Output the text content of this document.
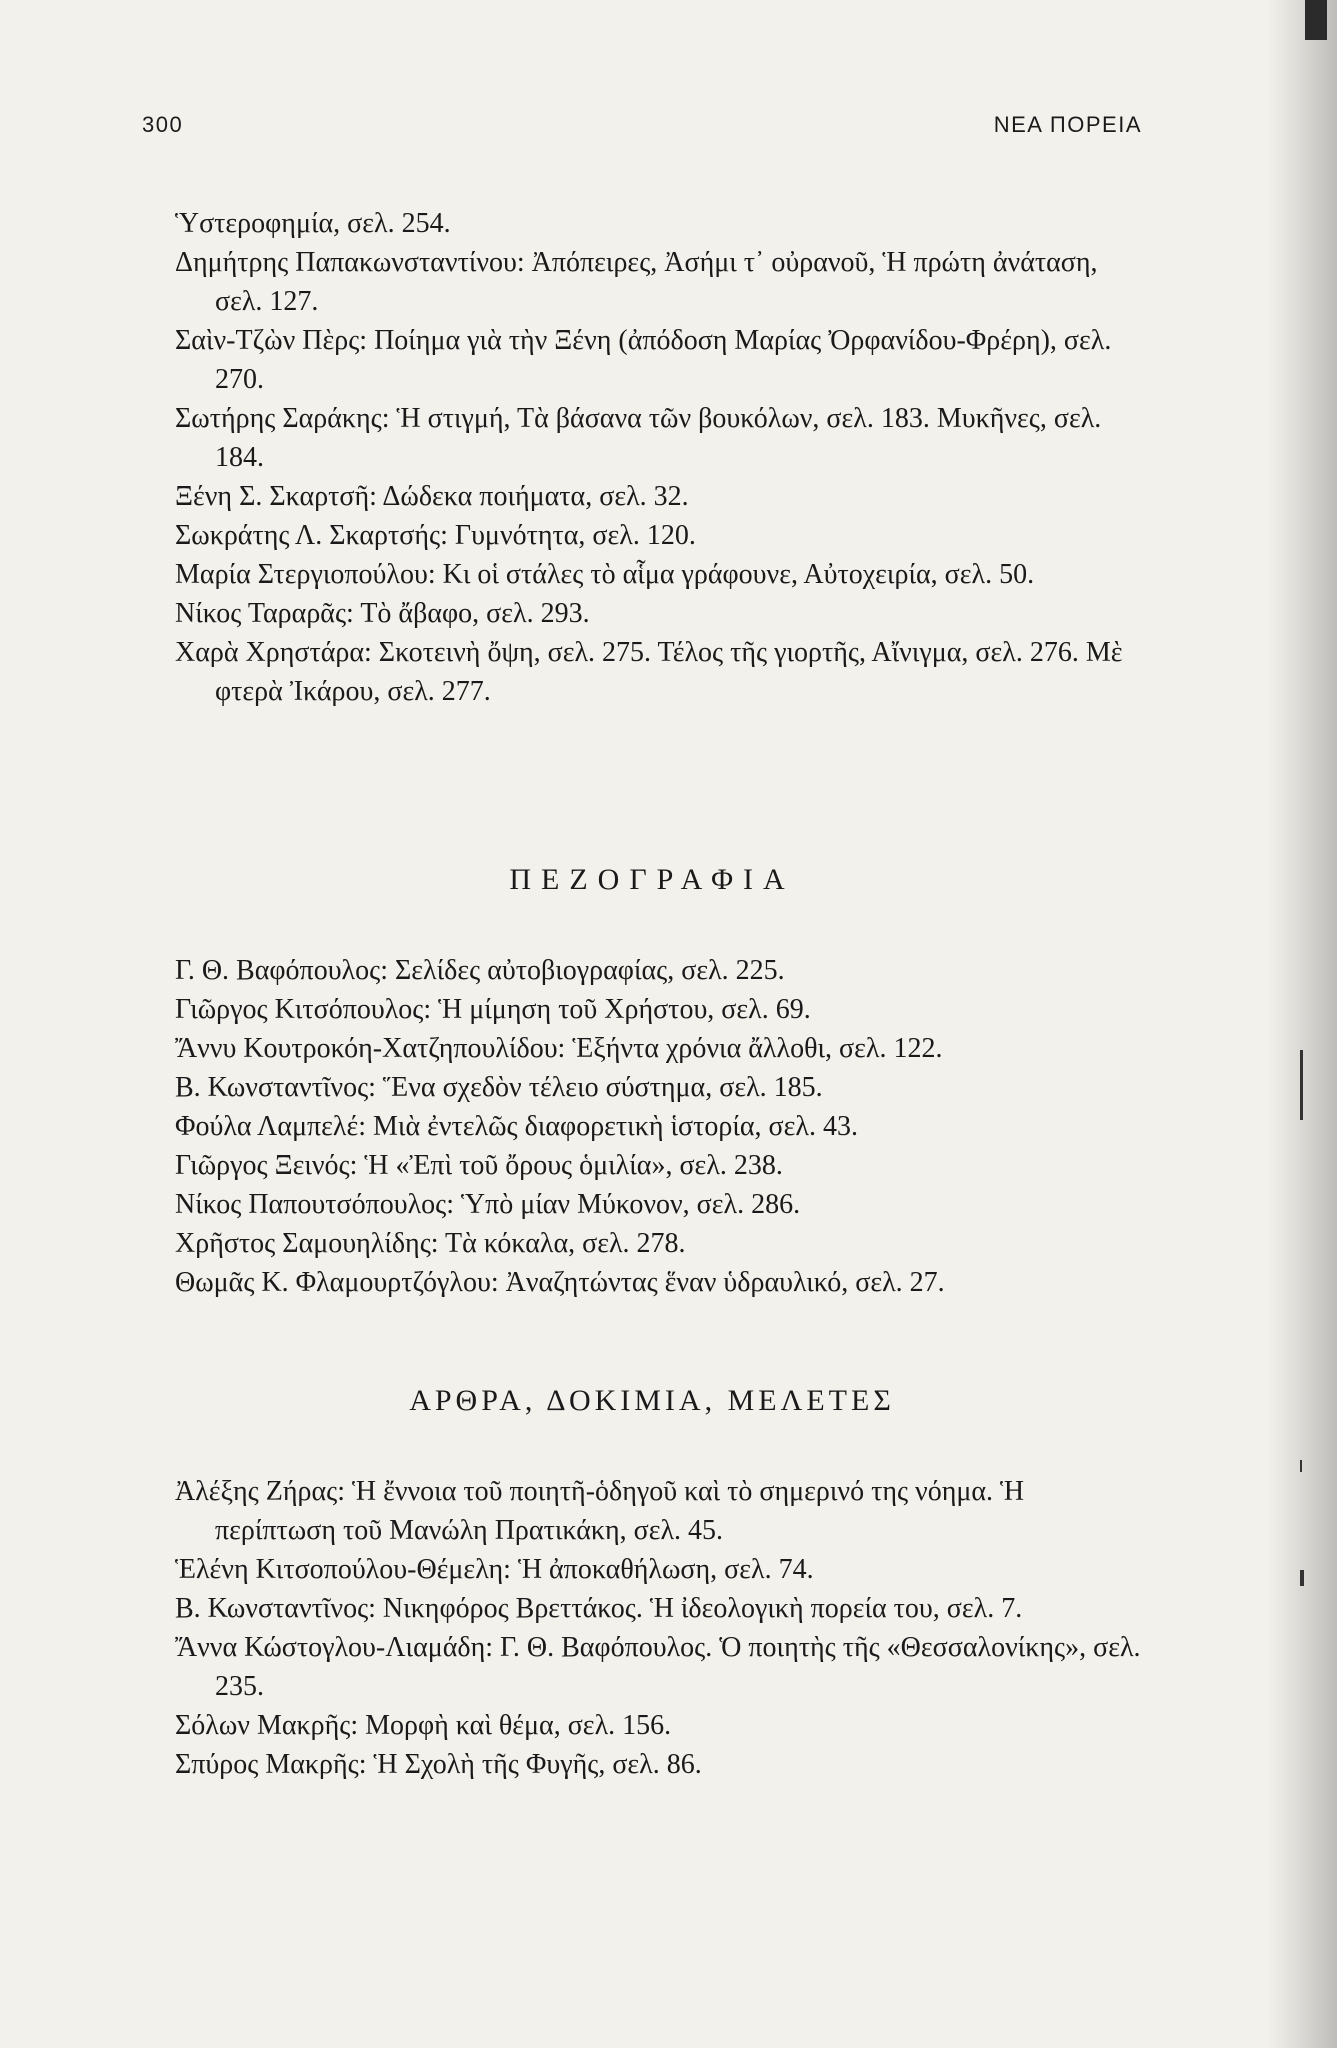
300	ΝΕΑ ΠΟΡΕΙΑ
Ὑστεροφημία, σελ. 254.
Δημήτρης Παπακωνσταντίνου: Ἀπόπειρες, Ἀσήμι τ᾽ οὐρανοῦ, Ἡ πρώτη ἀνάταση, σελ. 127.
Σαὶν-Τζὼν Πὲρς: Ποίημα γιὰ τὴν Ξένη (ἀπόδοση Μαρίας Ὀρφανίδου-Φρέρη), σελ. 270.
Σωτήρης Σαράκης: Ἡ στιγμή, Τὰ βάσανα τῶν βουκόλων, σελ. 183. Μυκῆνες, σελ. 184.
Ξένη Σ. Σκαρτσῆ: Δώδεκα ποιήματα, σελ. 32.
Σωκράτης Λ. Σκαρτσής: Γυμνότητα, σελ. 120.
Μαρία Στεργιοπούλου: Κι οἱ στάλες τὸ αἷμα γράφουνε, Αὐτοχειρία, σελ. 50.
Νίκος Ταραρᾶς: Τὸ ἄβαφο, σελ. 293.
Χαρὰ Χρηστάρα: Σκοτεινὴ ὄψη, σελ. 275. Τέλος τῆς γιορτῆς, Αἴνιγμα, σελ. 276. Μὲ φτερὰ Ἰκάρου, σελ. 277.
ΠΕΖΟΓΡΑΦΙΑ
Γ. Θ. Βαφόπουλος: Σελίδες αὐτοβιογραφίας, σελ. 225.
Γιῶργος Κιτσόπουλος: Ἡ μίμηση τοῦ Χρήστου, σελ. 69.
Ἄννυ Κουτροκόη-Χατζηπουλίδου: Ἑξήντα χρόνια ἄλλοθι, σελ. 122.
Β. Κωνσταντῖνος: Ἕνα σχεδὸν τέλειο σύστημα, σελ. 185.
Φούλα Λαμπελέ: Μιὰ ἐντελῶς διαφορετικὴ ἱστορία, σελ. 43.
Γιῶργος Ξεινός: Ἡ «Ἐπὶ τοῦ ὄρους ὁμιλία», σελ. 238.
Νίκος Παπουτσόπουλος: Ὑπὸ μίαν Μύκονον, σελ. 286.
Χρῆστος Σαμουηλίδης: Τὰ κόκαλα, σελ. 278.
Θωμᾶς Κ. Φλαμουρτζόγλου: Ἀναζητώντας ἕναν ὑδραυλικό, σελ. 27.
ΑΡΘΡΑ, ΔΟΚΙΜΙΑ, ΜΕΛΕΤΕΣ
Ἀλέξης Ζήρας: Ἡ ἔννοια τοῦ ποιητῆ-ὁδηγοῦ καὶ τὸ σημερινό της νόημα. Ἡ περίπτωση τοῦ Μανώλη Πρατικάκη, σελ. 45.
Ἑλένη Κιτσοπούλου-Θέμελη: Ἡ ἀποκαθήλωση, σελ. 74.
Β. Κωνσταντῖνος: Νικηφόρος Βρεττάκος. Ἡ ἰδεολογικὴ πορεία του, σελ. 7.
Ἄννα Κώστογλου-Λιαμάδη: Γ. Θ. Βαφόπουλος. Ὁ ποιητὴς τῆς «Θεσσαλονίκης», σελ. 235.
Σόλων Μακρῆς: Μορφὴ καὶ θέμα, σελ. 156.
Σπύρος Μακρῆς: Ἡ Σχολὴ τῆς Φυγῆς, σελ. 86.
